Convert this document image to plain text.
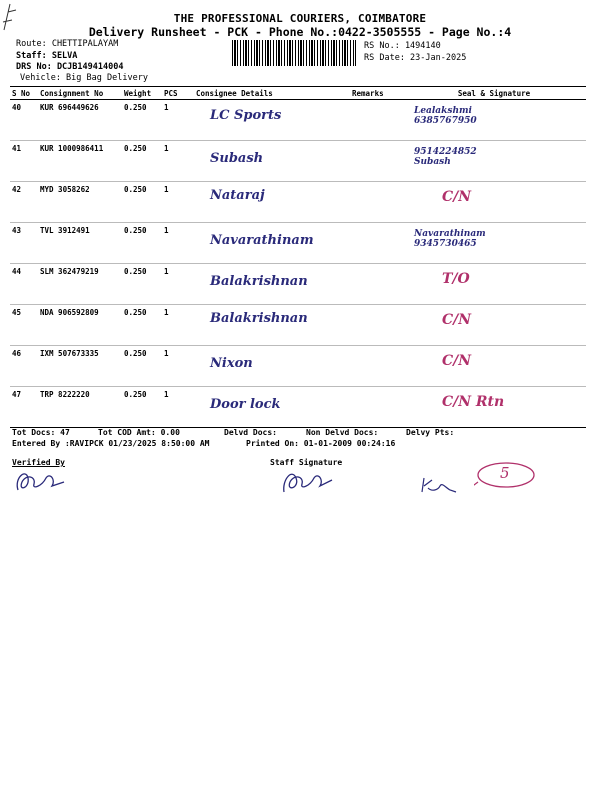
THE PROFESSIONAL COURIERS, COIMBATORE
Delivery Runsheet - PCK - Phone No.:0422-3505555 - Page No.:4
Route: CHETTIPALAYAM
Staff: SELVA
DRS No: DCJB149414004
Vehicle: Big Bag Delivery
RS No.: 1494140
RS Date: 23-Jan-2025
S No	Consignment No	Weight	PCS	Consignee Details	Remarks	Seal & Signature
40	KUR 696449626	0.250	1	LC Sports		Lealakshmi
6385767950

41	KUR 1000986411	0.250	1	Subash		9514224852
Subash

42	MYD 3058262	0.250	1	Nataraj		C/N

43	TVL 3912491	0.250	1	Navarathinam		Navarathinam
9345730465

44	SLM 362479219	0.250	1	Balakrishnan		T/O

45	NDA 906592809	0.250	1	Balakrishnan		C/N

46	IXM 507673335	0.250	1	Nixon		C/N

47	TRP 8222220	0.250	1	Door lock		C/N Rtn
Tot Docs: 47	Tot COD Amt: 0.00	Delvd Docs:	Non Delvd Docs:	Delvy Pts:
Entered By :RAVIPCK 01/23/2025 8:50:00 AM	Printed On: 01-01-2009 00:24:16
Verified By	Staff Signature
5
